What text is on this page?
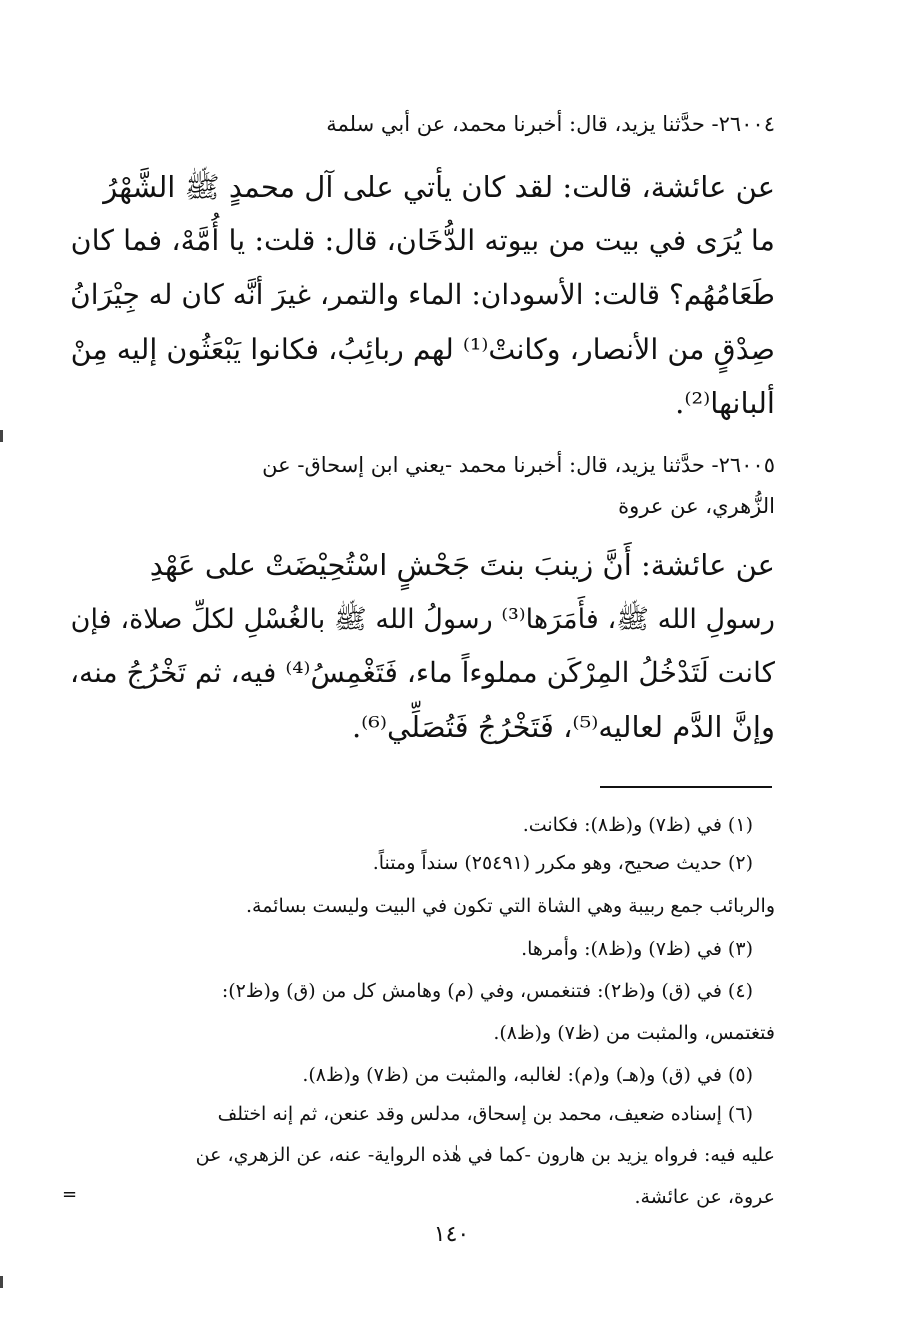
٢٦٠٠٤- حدَّثنا يزيد، قال: أخبرنا محمد، عن أبي سلمة
عن عائشة، قالت: لقد كان يأتي على آل محمدٍ ﷺ الشَّهْرُ
ما يُرَى في بيت من بيوته الدُّخَان، قال: قلت: يا أُمَّهْ، فما كان
طَعَامُهُم؟ قالت: الأسودان: الماء والتمر، غيرَ أنَّه كان له جِيْرَانُ
صِدْقٍ من الأنصار، وكانتْ⁽¹⁾ لهم ربائِبُ، فكانوا يَبْعَثُون إليه مِنْ
ألبانها⁽²⁾.
٢٦٠٠٥- حدَّثنا يزيد، قال: أخبرنا محمد -يعني ابن إسحاق- عن
الزُّهري، عن عروة
عن عائشة: أَنَّ زينبَ بنتَ جَحْشٍ اسْتُحِيْضَتْ على عَهْدِ
رسولِ الله ﷺ، فأَمَرَها⁽³⁾ رسولُ الله ﷺ بالغُسْلِ لكلِّ صلاة، فإن
كانت لَتَدْخُلُ المِرْكَن مملوءاً ماء، فَتَغْمِسُ⁽⁴⁾ فيه، ثم تَخْرُجُ منه،
وإنَّ الدَّم لعاليه⁽⁵⁾، فَتَخْرُجُ فَتُصَلِّي⁽⁶⁾.
(١) في (ظ٧) و(ظ٨): فكانت.
(٢) حديث صحيح، وهو مكرر (٢٥٤٩١) سنداً ومتناً.
والربائب جمع ربيبة وهي الشاة التي تكون في البيت وليست بسائمة.
(٣) في (ظ٧) و(ظ٨): وأمرها.
(٤) في (ق) و(ظ٢): فتنغمس، وفي (م) وهامش كل من (ق) و(ظ٢):
فتغتمس، والمثبت من (ظ٧) و(ظ٨).
(٥) في (ق) و(هـ) و(م): لغالبه، والمثبت من (ظ٧) و(ظ٨).
(٦) إسناده ضعيف، محمد بن إسحاق، مدلس وقد عنعن، ثم إنه اختلف
عليه فيه: فرواه يزيد بن هارون -كما في هٰذه الرواية- عنه، عن الزهري، عن
عروة، عن عائشة.
=
١٤٠
